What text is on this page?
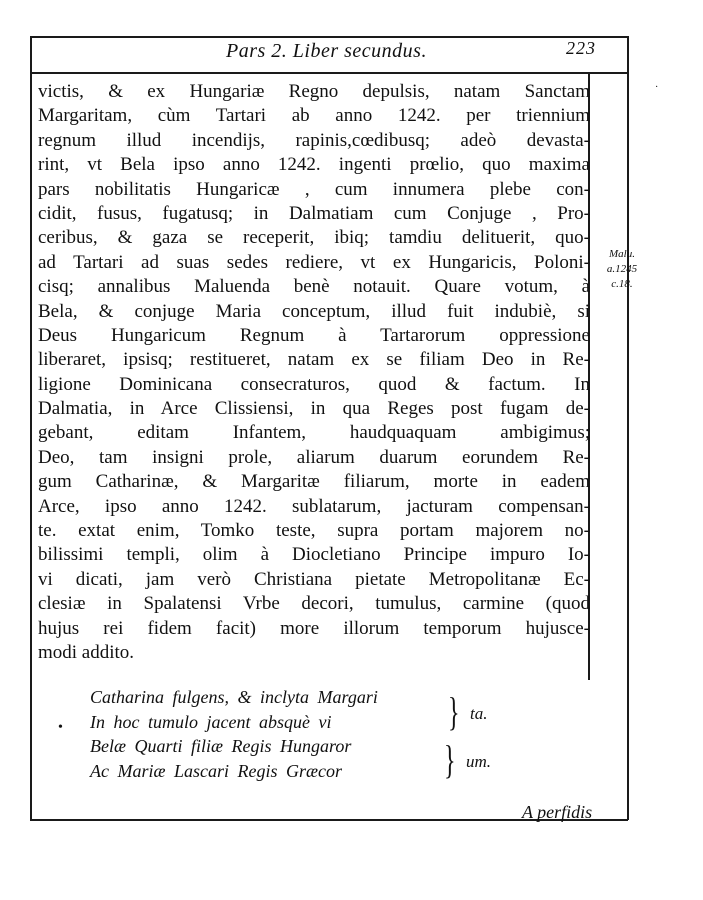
Pars 2. Liber secundus.	223
victis, & ex Hungariæ Regno depulsis, natam Sanctam
Margaritam, cùm Tartari ab anno 1242. per triennium
regnum illud incendijs, rapinis,cœdibusq; adeò devasta-
rint, vt Bela ipso anno 1242. ingenti prœlio, quo maxima
pars nobilitatis Hungaricæ , cum innumera plebe con-
cidit, fusus, fugatusq; in Dalmatiam cum Conjuge , Pro-
ceribus, & gaza se receperit, ibiq; tamdiu delituerit, quo-
ad Tartari ad suas sedes rediere, vt ex Hungaricis, Poloni-
cisq; annalibus Maluenda benè notauit. Quare votum, à
Bela, & conjuge Maria conceptum, illud fuit indubiè, si
Deus Hungaricum Regnum à Tartarorum oppressione
liberaret, ipsisq; restitueret, natam ex se filiam Deo in Re-
ligione Dominicana consecraturos, quod & factum. In
Dalmatia, in Arce Clissiensi, in qua Reges post fugam de-
gebant, editam Infantem, haudquaquam ambigimus;
Deo, tam insigni prole, aliarum duarum eorundem Re-
gum Catharinæ, & Margaritæ filiarum, morte in eadem
Arce, ipso anno 1242. sublatarum, jacturam compensan-
te. extat enim, Tomko teste, supra portam majorem no-
bilissimi templi, olim à Diocletiano Principe impuro Io-
vi dicati, jam verò Christiana pietate Metropolitanæ Ec-
clesiæ in Spalatensi Vrbe decori, tumulus, carmine (quod
hujus rei fidem facit) more illorum temporum hujusce-
modi addito.
Malu.
a.1245
c.18.
·
•
Catharina fulgens, & inclyta Margari
In hoc tumulo jacent absquè vi
Belæ Quarti filiæ Regis Hungaror
Ac Mariæ Lascari Regis Græcor
} ta.
} um.
A perfidis
